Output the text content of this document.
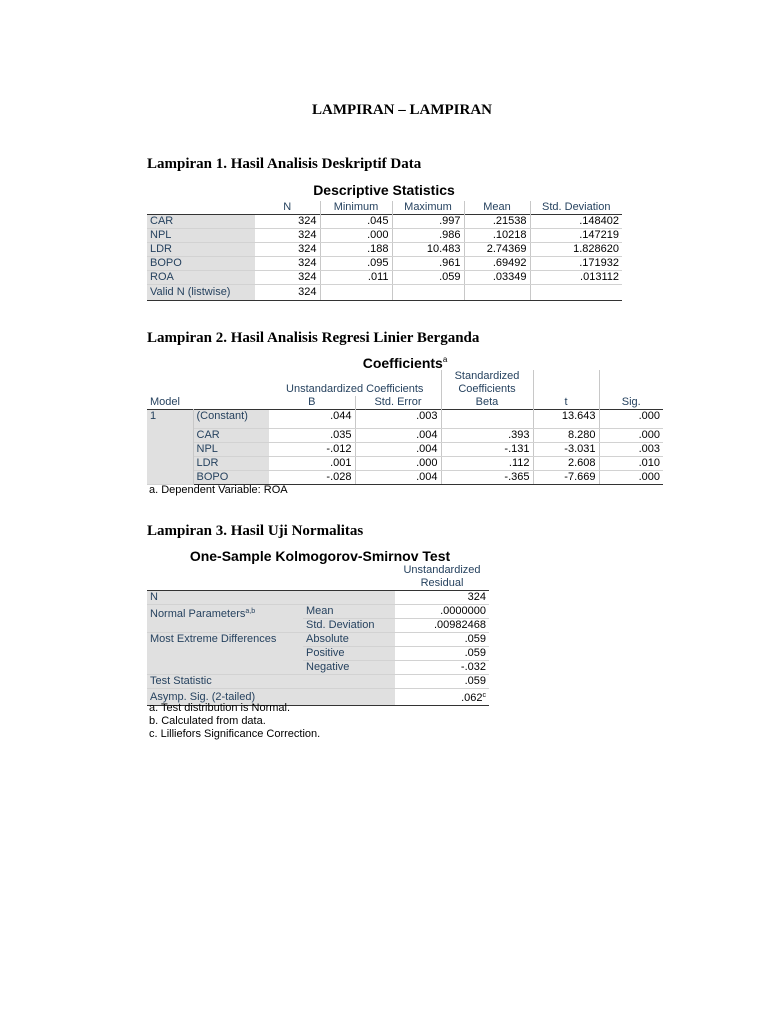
LAMPIRAN – LAMPIRAN
Lampiran 1. Hasil Analisis Deskriptif Data
Descriptive Statistics
	N	Minimum	Maximum	Mean	Std. Deviation
CAR	324	.045	.997	.21538	.148402
NPL	324	.000	.986	.10218	.147219
LDR	324	.188	10.483	2.74369	1.828620
BOPO	324	.095	.961	.69492	.171932
ROA	324	.011	.059	.03349	.013112
Valid N (listwise)	324				
Lampiran 2. Hasil Analisis Regresi Linier Berganda
Coefficients$^a$
		Unstandardized Coefficients		Standardized		
				Coefficients		
Model		B	Std. Error	Beta	t	Sig.
1	(Constant)	.044	.003		13.643	.000
	CAR	.035	.004	.393	8.280	.000
	NPL	-.012	.004	-.131	-3.031	.003
	LDR	.001	.000	.112	2.608	.010
	BOPO	-.028	.004	-.365	-7.669	.000
a. Dependent Variable: ROA
Lampiran 3. Hasil Uji Normalitas
One-Sample Kolmogorov-Smirnov Test
		Unstandardized
		Residual
N		324
Normal Parameters$^{a,b}$	Mean	.0000000
	Std. Deviation	.00982468
Most Extreme Differences	Absolute	.059
	Positive	.059
	Negative	-.032
Test Statistic		.059
Asymp. Sig. (2-tailed)		.062$^c$
a. Test distribution is Normal.
b. Calculated from data.
c. Lilliefors Significance Correction.
